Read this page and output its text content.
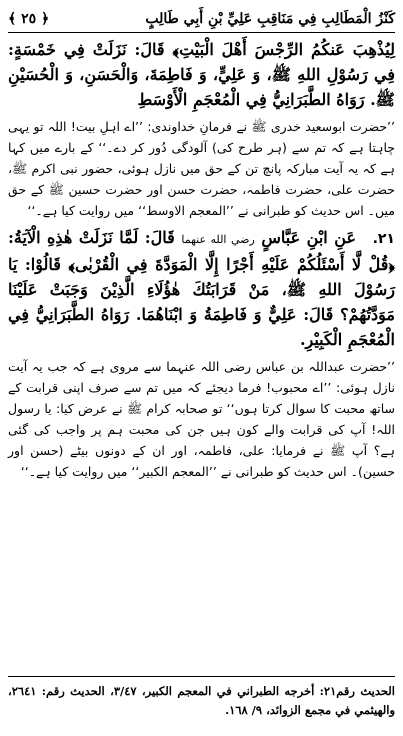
كَنْزُ الْمَطَالِبِ فِي مَنَاقِبِ عَلِيِّ بْنِ أَبِي طَالِبٍ
﴿ ٢٥ ﴾

لِيُذْهِبَ عَنكُمُ الرِّجْسَ أَهْلَ الْبَيْتِ﴾ قَالَ: نَزَلَتْ فِي خَمْسَةٍ: فِي رَسُوْلِ اللهِ ﷺ، وَ عَلِيٍّ، وَ فَاطِمَةَ، وَالْحَسَنِ، وَ الْحُسَيْنِ ﷺ. رَوَاهُ الطَّبَرَانِيُّ فِي الْمُعْجَمِ الْأَوْسَطِ

’’حضرت ابوسعید خدری ﷺ نے فرمانِ خداوندی: ’’اے اہلِ بیت! اللہ تو یہی چاہتا ہے کہ تم سے (ہر طرح کی) آلودگی دُور کر دے۔‘‘ کے بارے میں کہا ہے کہ یہ آیت مبارکہ پانچ تن کے حق میں نازل ہوئی، حضور نبی اکرم ﷺ، حضرت علی، حضرت فاطمہ، حضرت حسن اور حضرت حسین ﷺ کے حق میں۔ اس حدیث کو طبرانی نے ’’المعجم الاوسط‘‘ میں روایت کیا ہے۔‘‘

٢١. عَنِ ابْنِ عَبَّاسٍ رضي الله عنهما قَالَ: لَمَّا نَزَلَتْ هٰذِهِ الْآيَةُ: ﴿قُلْ لَّا أَسْئَلُكُمْ عَلَيْهِ أَجْرًا إِلَّا الْمَوَدَّةَ فِي الْقُرْبٰى﴾ قَالُوْا: يَا رَسُوْلَ اللهِ ﷺ، مَنْ قَرَابَتُكَ هٰؤُلَاءِ الَّذِيْنَ وَجَبَتْ عَلَيْنَا مَوَدَّتُهُمْ؟ قَالَ: عَلِيٌّ وَ فَاطِمَةُ وَ ابْنَاهُمَا. رَوَاهُ الطَّبَرَانِيُّ فِي الْمُعْجَمِ الْكَبِيْرِ.

’’حضرت عبداللہ بن عباس رضی اللہ عنہما سے مروی ہے کہ جب یہ آیت نازل ہوئی: ’’اے محبوب! فرما دیجئے کہ میں تم سے صرف اپنی قرابت کے ساتھ محبت کا سوال کرتا ہوں‘‘ تو صحابہ کرام ﷺ نے عرض کیا: یا رسول اللہ! آپ کی قرابت والے کون ہیں جن کی محبت ہم پر واجب کی گئی ہے؟ آپ ﷺ نے فرمایا: علی، فاطمہ، اور ان کے دونوں بیٹے (حسن اور حسین)۔ اس حدیث کو طبرانی نے ’’المعجم الکبیر‘‘ میں روایت کیا ہے۔‘‘

الحديث رقم٢١: أخرجه الطبراني في المعجم الكبير، ٣/٤٧، الحديث رقم: ٢٦٤١، والهيثمي في مجمع الزوائد، ٩/ ١٦٨.
